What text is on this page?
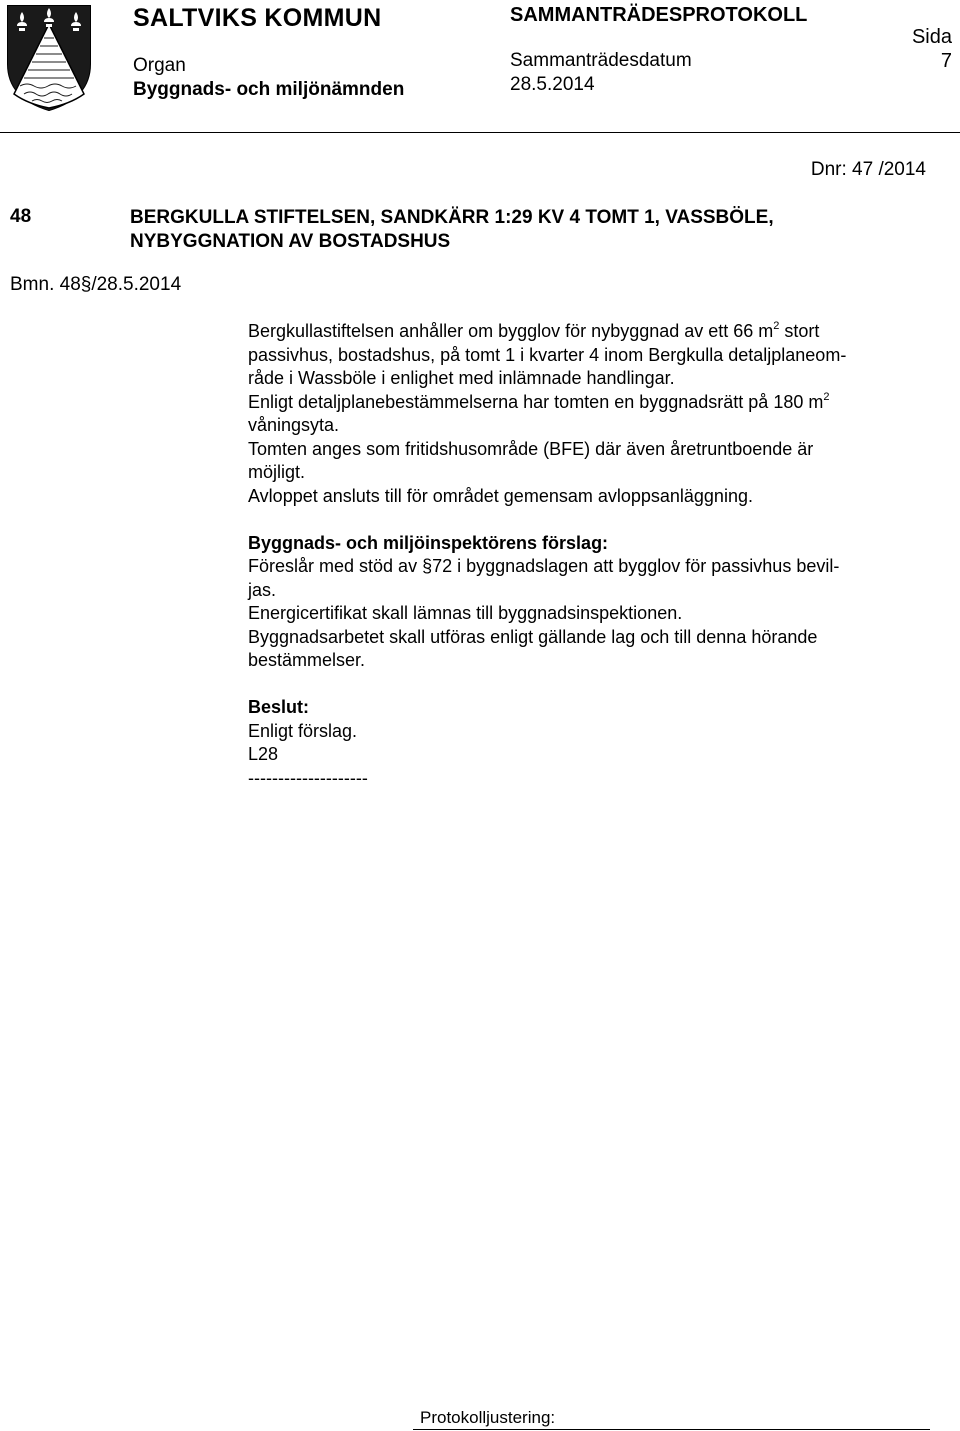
SALTVIKS KOMMUN
Organ
Byggnads- och miljönämnden
SAMMANTRÄDESPROTOKOLL
Sammanträdesdatum
28.5.2014
Sida
7
Dnr: 47 /2014
48	BERGKULLA STIFTELSEN, SANDKÄRR 1:29 KV 4 TOMT 1, VASSBÖLE,
NYBYGGNATION AV BOSTADSHUS
Bmn. 48§/28.5.2014
Bergkullastiftelsen anhåller om bygglov för nybyggnad av ett 66 $m^2$ stort
passivhus, bostadshus, på tomt 1 i kvarter 4 inom Bergkulla detaljplaneom-
råde i Wassböle i enlighet med inlämnade handlingar.
Enligt detaljplanebestämmelserna har tomten en byggnadsrätt på 180 $m^2$
våningsyta.
Tomten anges som fritidshusområde (BFE) där även åretruntboende är
möjligt.
Avloppet ansluts till för området gemensam avloppsanläggning.
Byggnads- och miljöinspektörens förslag:
Föreslår med stöd av §72 i byggnadslagen att bygglov för passivhus bevil-
jas.
Energicertifikat skall lämnas till byggnadsinspektionen.
Byggnadsarbetet skall utföras enligt gällande lag och till denna hörande
bestämmelser.
Beslut:
Enligt förslag.
L28
--------------------
Protokolljustering:
